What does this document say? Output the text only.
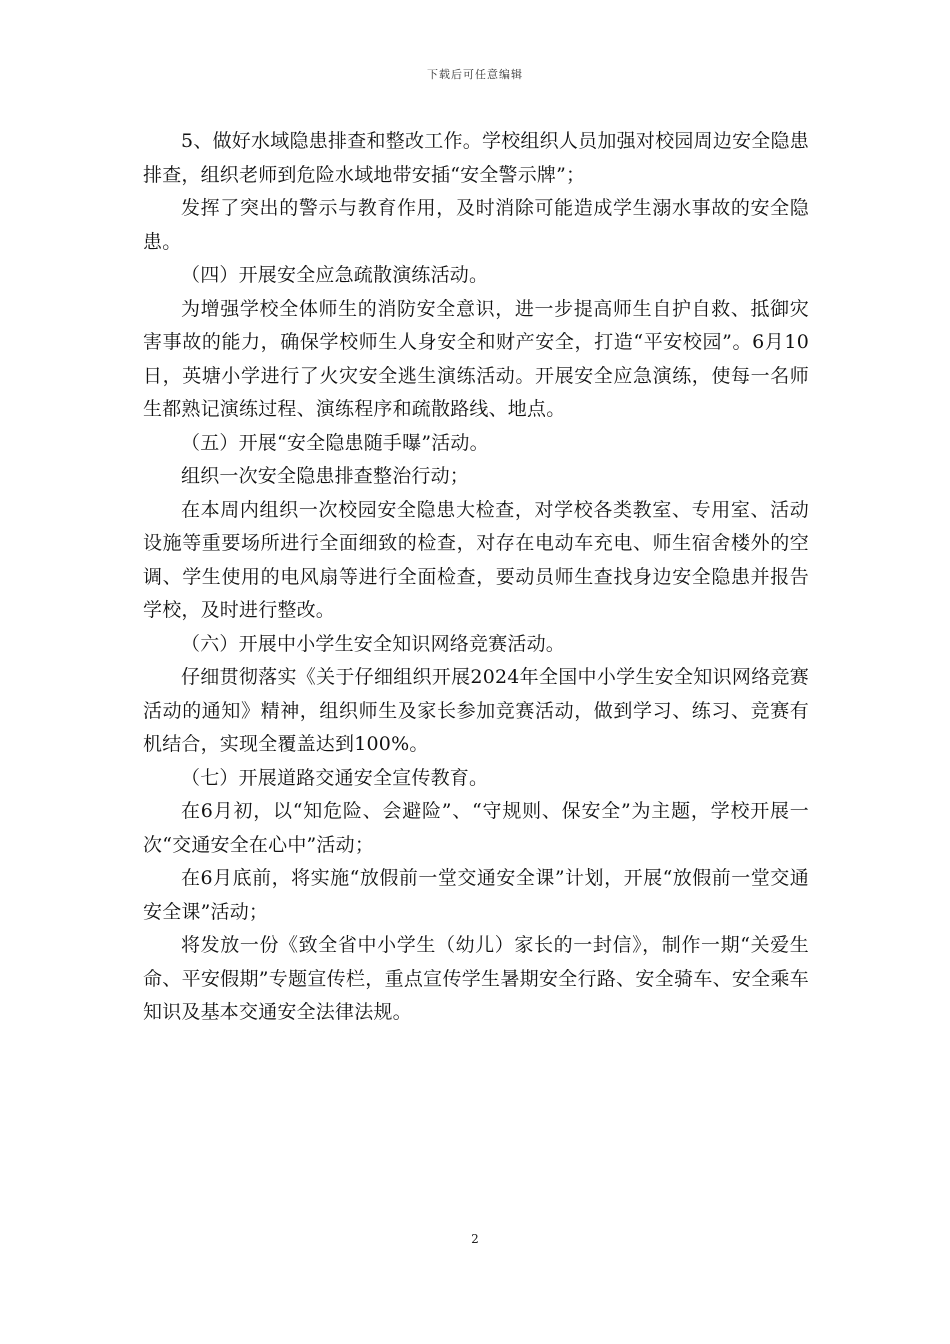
下载后可任意编辑

5、做好水域隐患排查和整改工作。学校组织人员加强对校园周边安全隐患排查，组织老师到危险水域地带安插“安全警示牌”；

发挥了突出的警示与教育作用，及时消除可能造成学生溺水事故的安全隐患。

（四）开展安全应急疏散演练活动。

为增强学校全体师生的消防安全意识，进一步提高师生自护自救、抵御灾害事故的能力，确保学校师生人身安全和财产安全，打造“平安校园”。6月10日，英塘小学进行了火灾安全逃生演练活动。开展安全应急演练，使每一名师生都熟记演练过程、演练程序和疏散路线、地点。

（五）开展“安全隐患随手曝”活动。

组织一次安全隐患排查整治行动；

在本周内组织一次校园安全隐患大检查，对学校各类教室、专用室、活动设施等重要场所进行全面细致的检查，对存在电动车充电、师生宿舍楼外的空调、学生使用的电风扇等进行全面检查，要动员师生查找身边安全隐患并报告学校，及时进行整改。

（六）开展中小学生安全知识网络竞赛活动。

仔细贯彻落实《关于仔细组织开展2024年全国中小学生安全知识网络竞赛活动的通知》精神，组织师生及家长参加竞赛活动，做到学习、练习、竞赛有机结合，实现全覆盖达到100%。

（七）开展道路交通安全宣传教育。

在6月初，以“知危险、会避险”、“守规则、保安全”为主题，学校开展一次“交通安全在心中”活动；

在6月底前，将实施“放假前一堂交通安全课”计划，开展“放假前一堂交通安全课”活动；

将发放一份《致全省中小学生（幼儿）家长的一封信》，制作一期“关爱生命、平安假期”专题宣传栏，重点宣传学生暑期安全行路、安全骑车、安全乘车知识及基本交通安全法律法规。

2
